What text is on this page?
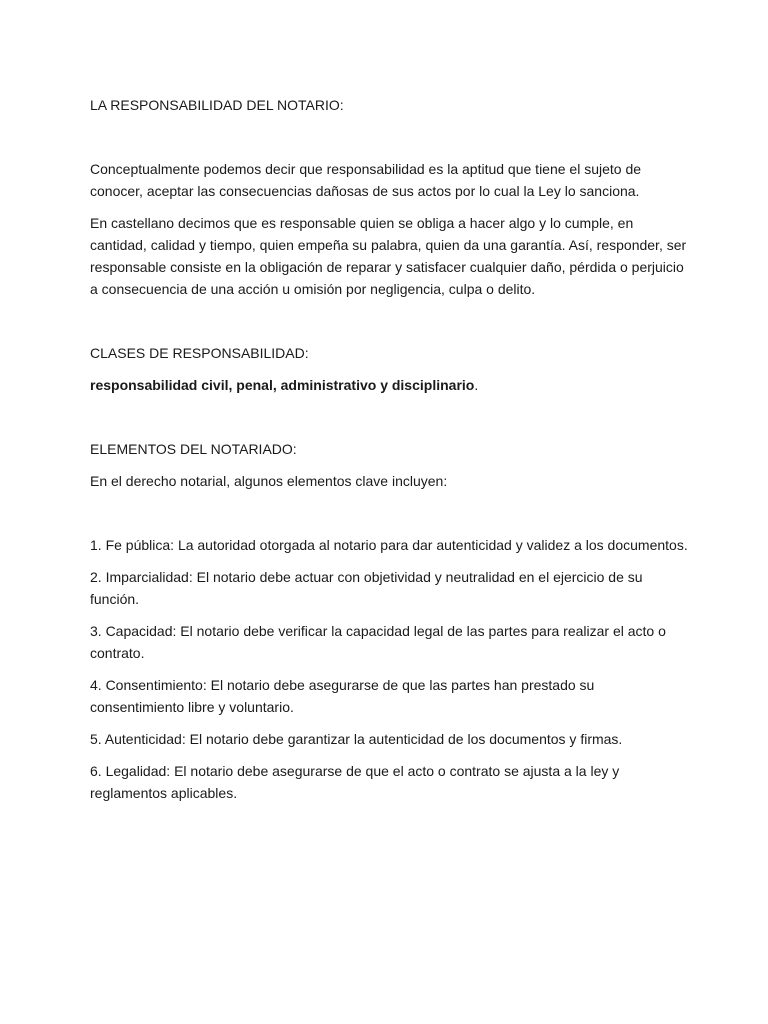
LA RESPONSABILIDAD DEL NOTARIO:

Conceptualmente podemos decir que responsabilidad es la aptitud que tiene el sujeto de conocer, aceptar las consecuencias dañosas de sus actos por lo cual la Ley lo sanciona.

En castellano decimos que es responsable quien se obliga a hacer algo y lo cumple, en cantidad, calidad y tiempo, quien empeña su palabra, quien da una garantía. Así, responder, ser responsable consiste en la obligación de reparar y satisfacer cualquier daño, pérdida o perjuicio a consecuencia de una acción u omisión por negligencia, culpa o delito.

CLASES DE RESPONSABILIDAD:

responsabilidad civil, penal, administrativo y disciplinario.

ELEMENTOS DEL NOTARIADO:

En el derecho notarial, algunos elementos clave incluyen:

1. Fe pública: La autoridad otorgada al notario para dar autenticidad y validez a los documentos.

2. Imparcialidad: El notario debe actuar con objetividad y neutralidad en el ejercicio de su función.

3. Capacidad: El notario debe verificar la capacidad legal de las partes para realizar el acto o contrato.

4. Consentimiento: El notario debe asegurarse de que las partes han prestado su consentimiento libre y voluntario.

5. Autenticidad: El notario debe garantizar la autenticidad de los documentos y firmas.

6. Legalidad: El notario debe asegurarse de que el acto o contrato se ajusta a la ley y reglamentos aplicables.
